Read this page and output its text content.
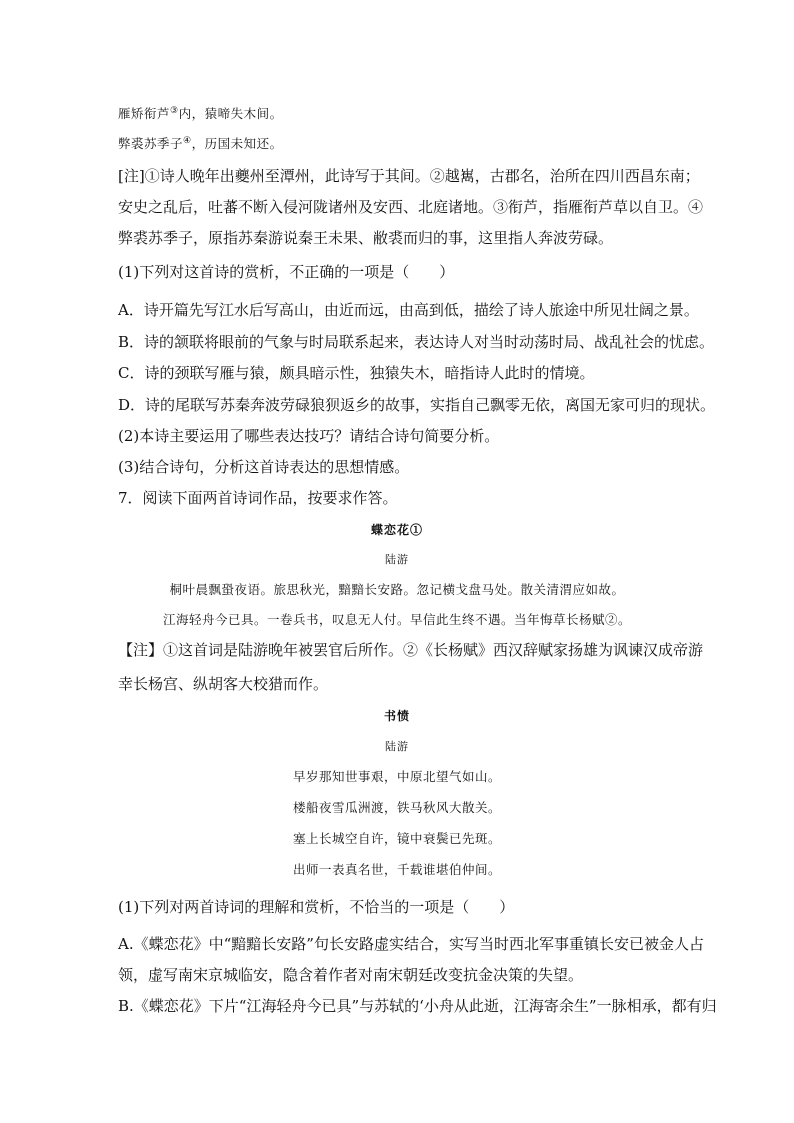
雁矫衔芦③内，猿啼失木间。
弊裘苏季子④，历国未知还。
[注]①诗人晚年出夔州至潭州，此诗写于其间。②越嶲，古郡名，治所在四川西昌东南；
安史之乱后，吐蕃不断入侵河陇诸州及安西、北庭诸地。③衔芦，指雁衔芦草以自卫。④
弊裘苏季子，原指苏秦游说秦王未果、敝裘而归的事，这里指人奔波劳碌。
(1)下列对这首诗的赏析，不正确的一项是（　　）
A．诗开篇先写江水后写高山，由近而远，由高到低，描绘了诗人旅途中所见壮阔之景。
B．诗的颔联将眼前的气象与时局联系起来，表达诗人对当时动荡时局、战乱社会的忧虑。
C．诗的颈联写雁与猿，颇具暗示性，独猿失木，暗指诗人此时的情境。
D．诗的尾联写苏秦奔波劳碌狼狈返乡的故事，实指自己飘零无依，离国无家可归的现状。
(2)本诗主要运用了哪些表达技巧？请结合诗句简要分析。
(3)结合诗句，分析这首诗表达的思想情感。
7．阅读下面两首诗词作品，按要求作答。
蝶恋花①
陆游
桐叶晨飘蛩夜语。旅思秋光，黯黯长安路。忽记横戈盘马处。散关清渭应如故。
江海轻舟今已具。一卷兵书，叹息无人付。早信此生终不遇。当年悔草长杨赋②。
【注】①这首词是陆游晚年被罢官后所作。②《长杨赋》西汉辞赋家扬雄为讽谏汉成帝游
幸长杨宫、纵胡客大校猎而作。
书愤
陆游
早岁那知世事艰，中原北望气如山。
楼船夜雪瓜洲渡，铁马秋风大散关。
塞上长城空自许，镜中衰鬓已先斑。
出师一表真名世，千载谁堪伯仲间。
(1)下列对两首诗词的理解和赏析，不恰当的一项是（　　）
A.《蝶恋花》中“黯黯长安路”句长安路虚实结合，实写当时西北军事重镇长安已被金人占
领，虚写南宋京城临安，隐含着作者对南宋朝廷改变抗金决策的失望。
B.《蝶恋花》下片“江海轻舟今已具”与苏轼的‘小舟从此逝，江海寄余生”一脉相承，都有归
